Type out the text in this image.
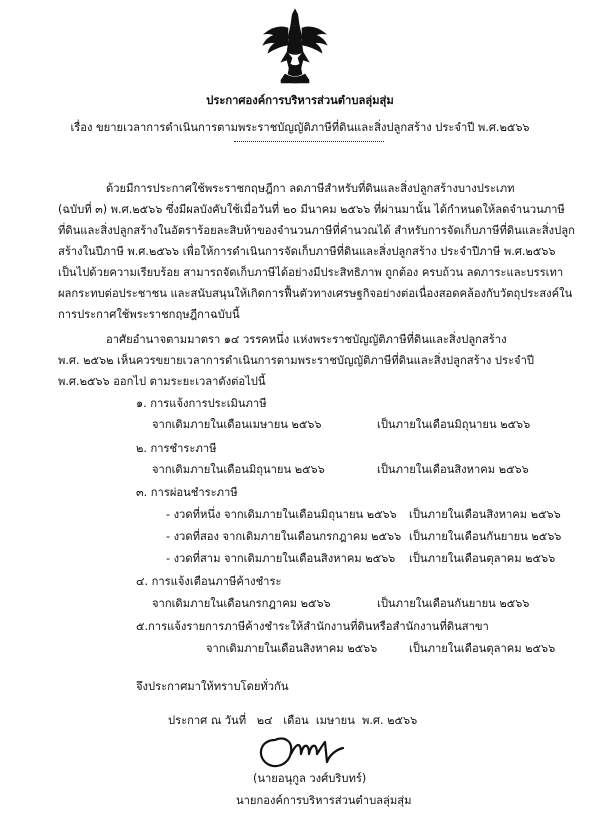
ประกาศองค์การบริหารส่วนตำบลลุ่มสุ่ม
เรื่อง ขยายเวลาการดำเนินการตามพระราชบัญญัติภาษีที่ดินและสิ่งปลูกสร้าง ประจำปี พ.ศ.๒๕๖๖
ด้วยมีการประกาศใช้พระราชกฤษฎีกา ลดภาษีสำหรับที่ดินและสิ่งปลูกสร้างบางประเภท
(ฉบับที่ ๓) พ.ศ.๒๕๖๖ ซึ่งมีผลบังคับใช้เมื่อวันที่ ๒๐ มีนาคม ๒๕๖๖ ที่ผ่านมานั้น ได้กำหนดให้ลดจำนวนภาษี
ที่ดินและสิ่งปลูกสร้างในอัตราร้อยละสิบห้าของจำนวนภาษีที่คำนวณได้ สำหรับการจัดเก็บภาษีที่ดินและสิ่งปลูก
สร้างในปีภาษี พ.ศ.๒๕๖๖ เพื่อให้การดำเนินการจัดเก็บภาษีที่ดินและสิ่งปลูกสร้าง ประจำปีภาษี พ.ศ.๒๕๖๖
เป็นไปด้วยความเรียบร้อย สามารถจัดเก็บภาษีได้อย่างมีประสิทธิภาพ ถูกต้อง ครบถ้วน ลดภาระและบรรเทา
ผลกระทบต่อประชาชน และสนับสนุนให้เกิดการฟื้นตัวทางเศรษฐกิจอย่างต่อเนื่องสอดคล้องกับวัตถุประสงค์ใน
การประกาศใช้พระราชกฤษฎีกาฉบับนี้
อาศัยอำนาจตามมาตรา ๑๔ วรรคหนึ่ง แห่งพระราชบัญญัติภาษีที่ดินและสิ่งปลูกสร้าง
พ.ศ. ๒๕๖๒ เห็นควรขยายเวลาการดำเนินการตามพระราชบัญญัติภาษีที่ดินและสิ่งปลูกสร้าง ประจำปี
พ.ศ.๒๕๖๖ ออกไป ตามระยะเวลาดังต่อไปนี้
๑. การแจ้งการประเมินภาษี
จากเดิมภายในเดือนเมษายน ๒๕๖๖	เป็นภายในเดือนมิถุนายน ๒๕๖๖
๒. การชำระภาษี
จากเดิมภายในเดือนมิถุนายน ๒๕๖๖	เป็นภายในเดือนสิงหาคม ๒๕๖๖
๓. การผ่อนชำระภาษี
- งวดที่หนึ่ง จากเดิมภายในเดือนมิถุนายน ๒๕๖๖ เป็นภายในเดือนสิงหาคม ๒๕๖๖
- งวดที่สอง จากเดิมภายในเดือนกรกฎาคม ๒๕๖๖ เป็นภายในเดือนกันยายน ๒๕๖๖
- งวดที่สาม จากเดิมภายในเดือนสิงหาคม ๒๕๖๖ เป็นภายในเดือนตุลาคม ๒๕๖๖
๔. การแจ้งเตือนภาษีค้างชำระ
จากเดิมภายในเดือนกรกฎาคม ๒๕๖๖	เป็นภายในเดือนกันยายน ๒๕๖๖
๕.การแจ้งรายการภาษีค้างชำระให้สำนักงานที่ดินหรือสำนักงานที่ดินสาขา
จากเดิมภายในเดือนสิงหาคม ๒๕๖๖	เป็นภายในเดือนตุลาคม ๒๕๖๖
จึงประกาศมาให้ทราบโดยทั่วกัน
ประกาศ ณ วันที่   ๒๔   เดือน  เมษายน  พ.ศ. ๒๕๖๖
(นายอนุกูล วงศ์บริบทร์)
นายกองค์การบริหารส่วนตำบลลุ่มสุ่ม
